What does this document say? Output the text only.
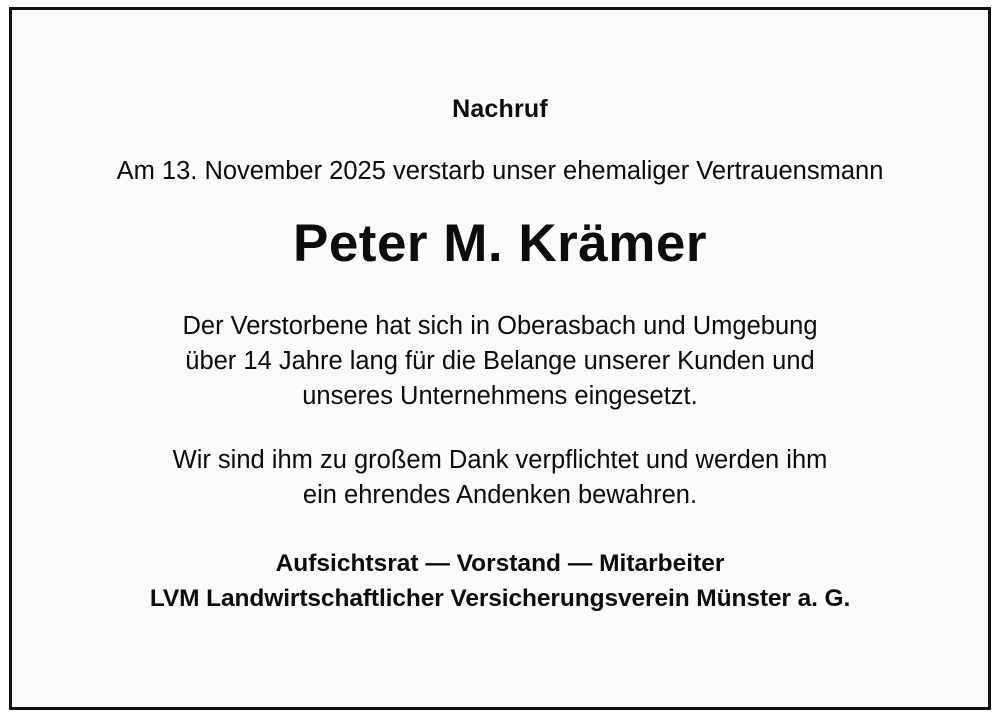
Nachruf
Am 13. November 2025 verstarb unser ehemaliger Vertrauensmann
Peter M. Krämer
Der Verstorbene hat sich in Oberasbach und Umgebung
über 14 Jahre lang für die Belange unserer Kunden und
unseres Unternehmens eingesetzt.
Wir sind ihm zu großem Dank verpflichtet und werden ihm
ein ehrendes Andenken bewahren.
Aufsichtsrat — Vorstand — Mitarbeiter
LVM Landwirtschaftlicher Versicherungsverein Münster a. G.
